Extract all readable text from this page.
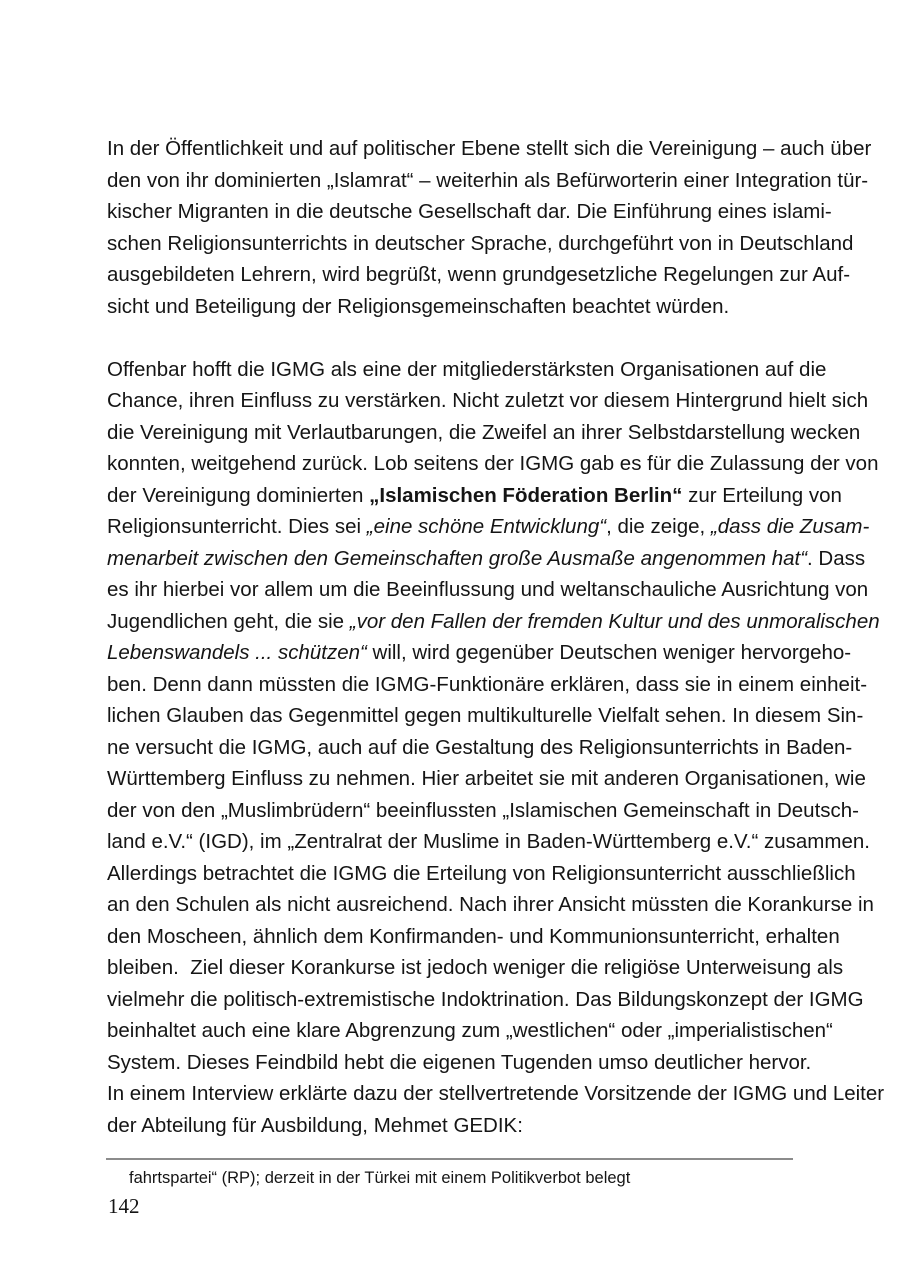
In der Öffentlichkeit und auf politischer Ebene stellt sich die Vereinigung – auch über
den von ihr dominierten „Islamrat“ – weiterhin als Befürworterin einer Integration tür-
kischer Migranten in die deutsche Gesellschaft dar. Die Einführung eines islami-
schen Religionsunterrichts in deutscher Sprache, durchgeführt von in Deutschland
ausgebildeten Lehrern, wird begrüßt, wenn grundgesetzliche Regelungen zur Auf-
sicht und Beteiligung der Religionsgemeinschaften beachtet würden.
Offenbar hofft die IGMG als eine der mitgliederstärksten Organisationen auf die
Chance, ihren Einfluss zu verstärken. Nicht zuletzt vor diesem Hintergrund hielt sich
die Vereinigung mit Verlautbarungen, die Zweifel an ihrer Selbstdarstellung wecken
konnten, weitgehend zurück. Lob seitens der IGMG gab es für die Zulassung der von
der Vereinigung dominierten „Islamischen Föderation Berlin“ zur Erteilung von
Religionsunterricht. Dies sei „eine schöne Entwicklung“, die zeige, „dass die Zusam-
menarbeit zwischen den Gemeinschaften große Ausmaße angenommen hat“. Dass
es ihr hierbei vor allem um die Beeinflussung und weltanschauliche Ausrichtung von
Jugendlichen geht, die sie „vor den Fallen der fremden Kultur und des unmoralischen
Lebenswandels ... schützen“ will, wird gegenüber Deutschen weniger hervorgeho-
ben. Denn dann müssten die IGMG-Funktionäre erklären, dass sie in einem einheit-
lichen Glauben das Gegenmittel gegen multikulturelle Vielfalt sehen. In diesem Sin-
ne versucht die IGMG, auch auf die Gestaltung des Religionsunterrichts in Baden-
Württemberg Einfluss zu nehmen. Hier arbeitet sie mit anderen Organisationen, wie
der von den „Muslimbrüdern“ beeinflussten „Islamischen Gemeinschaft in Deutsch-
land e.V.“ (IGD), im „Zentralrat der Muslime in Baden-Württemberg e.V.“ zusammen.
Allerdings betrachtet die IGMG die Erteilung von Religionsunterricht ausschließlich
an den Schulen als nicht ausreichend. Nach ihrer Ansicht müssten die Korankurse in
den Moscheen, ähnlich dem Konfirmanden- und Kommunionsunterricht, erhalten
bleiben.  Ziel dieser Korankurse ist jedoch weniger die religiöse Unterweisung als
vielmehr die politisch-extremistische Indoktrination. Das Bildungskonzept der IGMG
beinhaltet auch eine klare Abgrenzung zum „westlichen“ oder „imperialistischen“
System. Dieses Feindbild hebt die eigenen Tugenden umso deutlicher hervor.
In einem Interview erklärte dazu der stellvertretende Vorsitzende der IGMG und Leiter
der Abteilung für Ausbildung, Mehmet GEDIK:
fahrtspartei“ (RP); derzeit in der Türkei mit einem Politikverbot belegt
142
